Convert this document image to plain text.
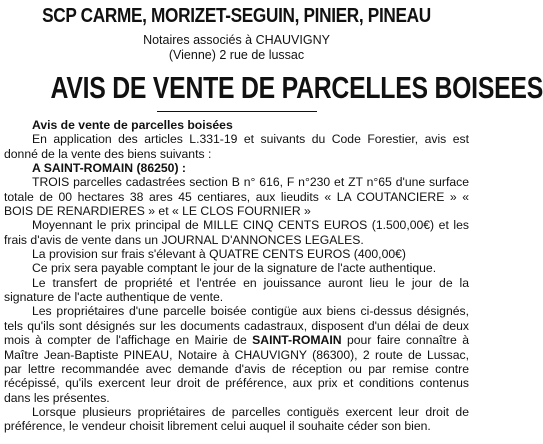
SCP CARME, MORIZET-SEGUIN, PINIER, PINEAU
Notaires associés à CHAUVIGNY
(Vienne) 2 rue de lussac
AVIS DE VENTE DE PARCELLES BOISEES

Avis de vente de parcelles boisées

En application des articles L.331-19 et suivants du Code Forestier, avis est donné de la vente des biens suivants :

A SAINT-ROMAIN (86250) :

TROIS parcelles cadastrées section B n° 616, F n°230 et ZT n°65 d'une surface totale de 00 hectares 38 ares 45 centiares, aux lieudits « LA COUTANCIERE » « BOIS DE RENARDIERES » et « LE CLOS FOURNIER »

Moyennant le prix principal de MILLE CINQ CENTS EUROS (1.500,00€) et les frais d'avis de vente dans un JOURNAL D'ANNONCES LEGALES.

La provision sur frais s'élevant à QUATRE CENTS EUROS (400,00€)

Ce prix sera payable comptant le jour de la signature de l'acte authentique.

Le transfert de propriété et l'entrée en jouissance auront lieu le jour de la signature de l'acte authentique de vente.

Les propriétaires d'une parcelle boisée contigüe aux biens ci-dessus désignés, tels qu'ils sont désignés sur les documents cadastraux, disposent d'un délai de deux mois à compter de l'affichage en Mairie de SAINT-ROMAIN pour faire connaître à Maître Jean-Baptiste PINEAU, Notaire à CHAUVIGNY (86300), 2 route de Lussac, par lettre recommandée avec demande d'avis de réception ou par remise contre récépissé, qu'ils exercent leur droit de préférence, aux prix et conditions contenus dans les présentes.

Lorsque plusieurs propriétaires de parcelles contiguës exercent leur droit de préférence, le vendeur choisit librement celui auquel il souhaite céder son bien.
